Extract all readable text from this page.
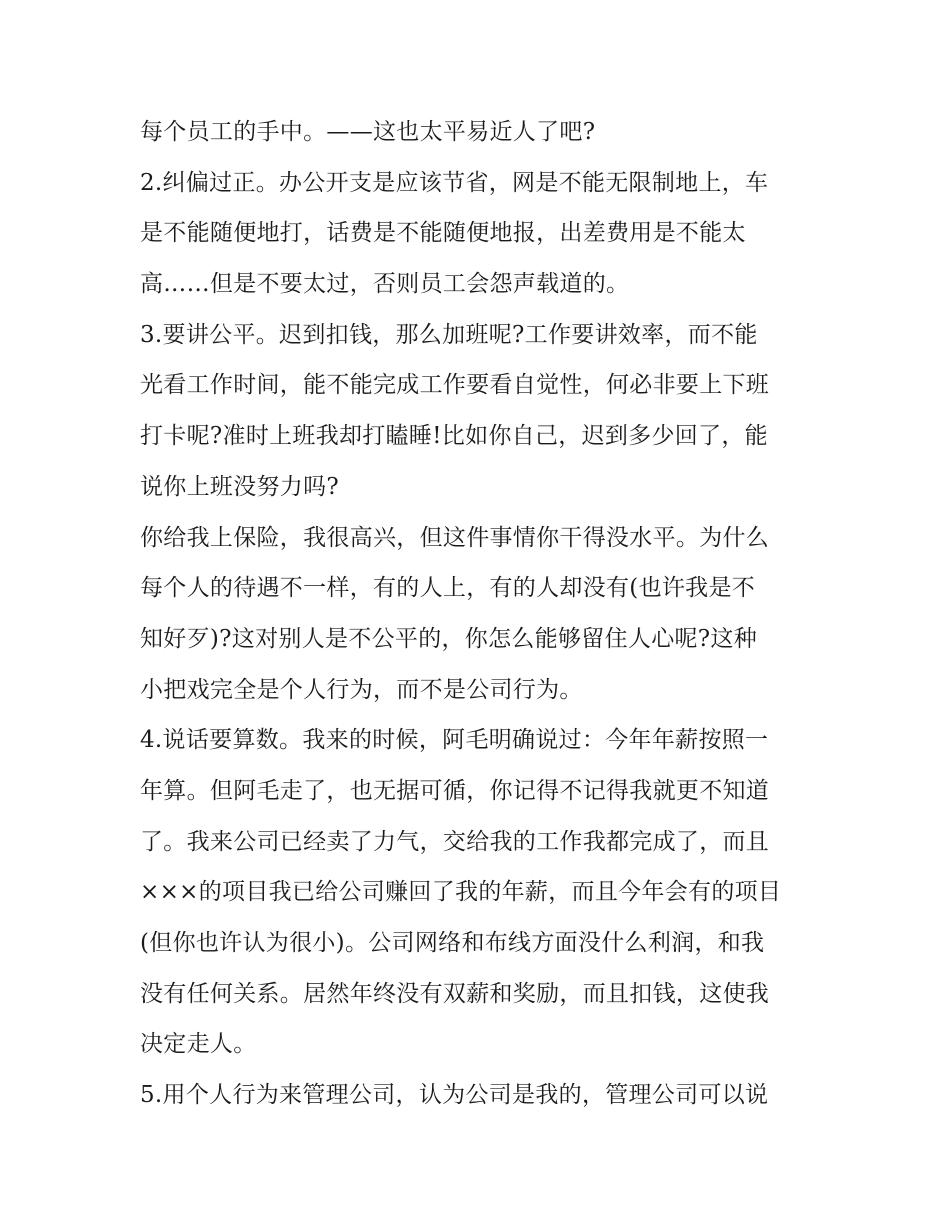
每个员工的手中。——这也太平易近人了吧?
2.纠偏过正。办公开支是应该节省，网是不能无限制地上，车
是不能随便地打，话费是不能随便地报，出差费用是不能太
高……但是不要太过，否则员工会怨声载道的。
3.要讲公平。迟到扣钱，那么加班呢?工作要讲效率，而不能
光看工作时间，能不能完成工作要看自觉性，何必非要上下班
打卡呢?准时上班我却打瞌睡!比如你自己，迟到多少回了，能
说你上班没努力吗?
你给我上保险，我很高兴，但这件事情你干得没水平。为什么
每个人的待遇不一样，有的人上，有的人却没有(也许我是不
知好歹)?这对别人是不公平的，你怎么能够留住人心呢?这种
小把戏完全是个人行为，而不是公司行为。
4.说话要算数。我来的时候，阿毛明确说过：今年年薪按照一
年算。但阿毛走了，也无据可循，你记得不记得我就更不知道
了。我来公司已经卖了力气，交给我的工作我都完成了，而且
×××的项目我已给公司赚回了我的年薪，而且今年会有的项目
(但你也许认为很小)。公司网络和布线方面没什么利润，和我
没有任何关系。居然年终没有双薪和奖励，而且扣钱，这使我
决定走人。
5.用个人行为来管理公司，认为公司是我的，管理公司可以说
